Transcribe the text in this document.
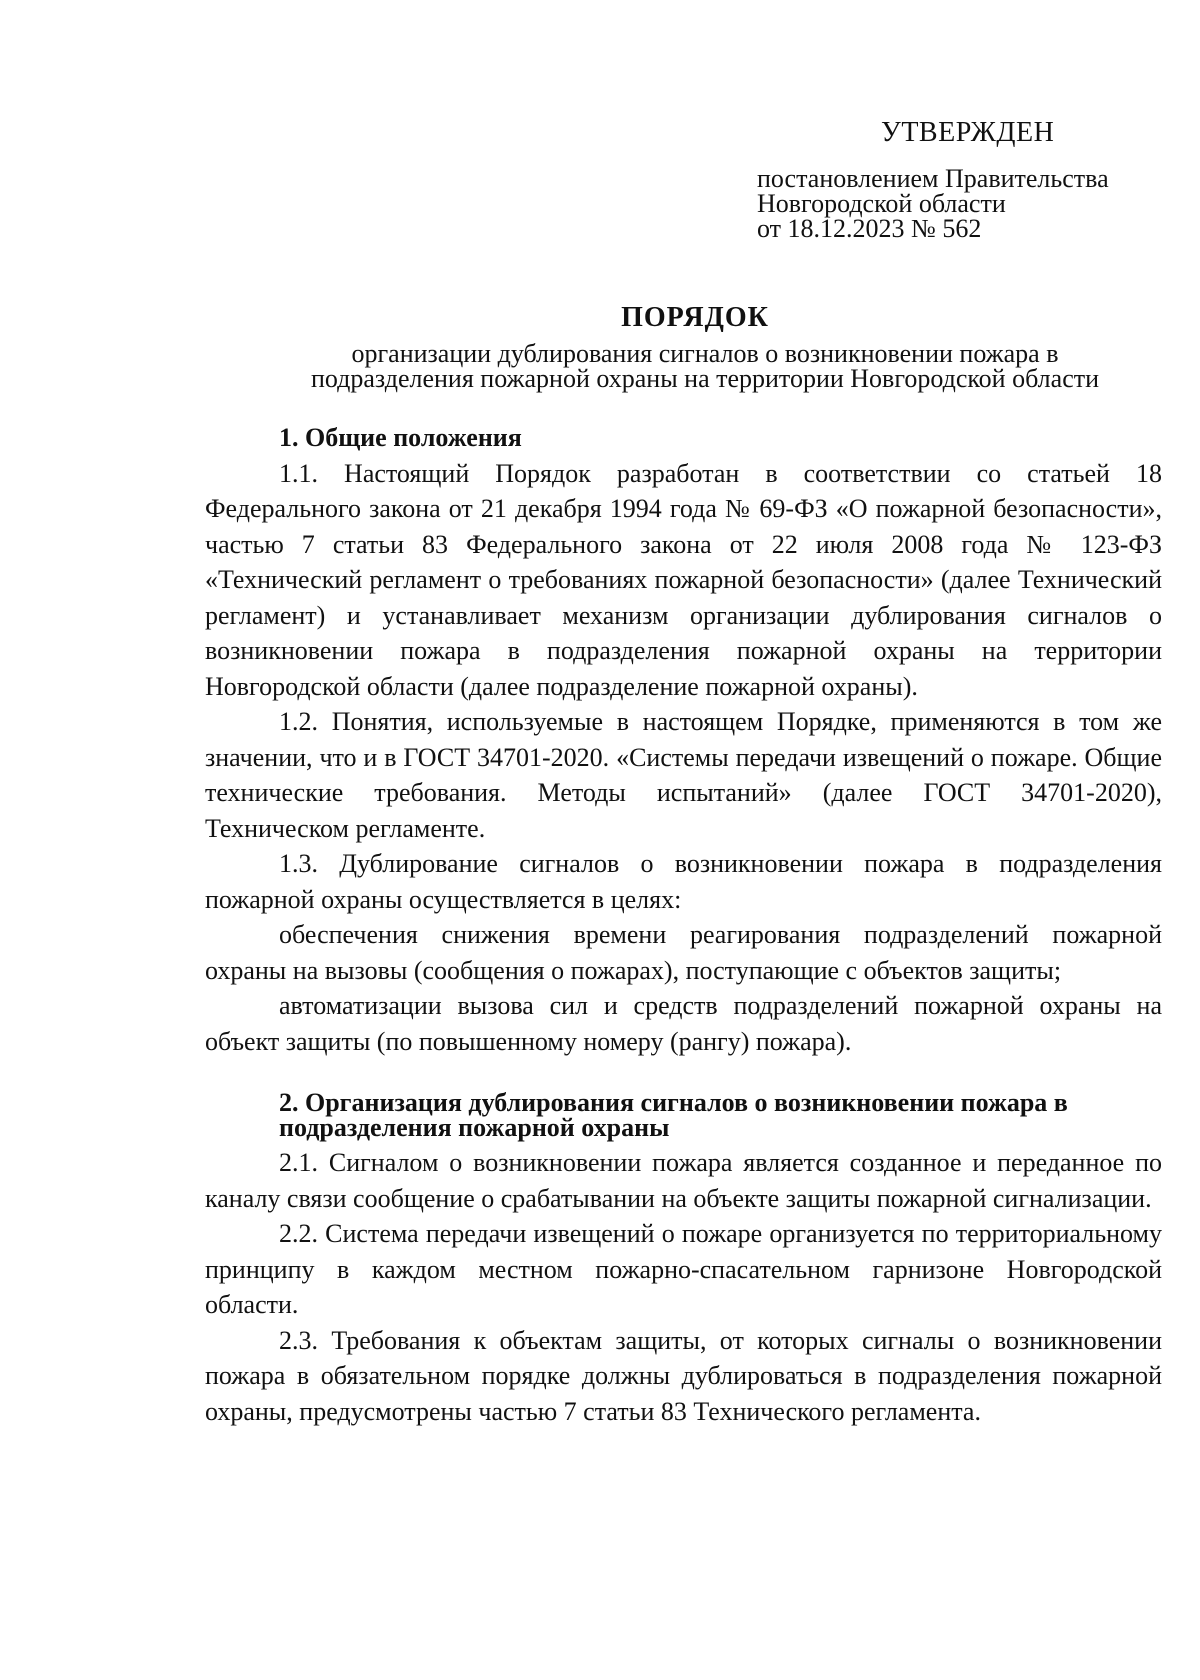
УТВЕРЖДЕН
постановлением Правительства
Новгородской области
от 18.12.2023 № 562
ПОРЯДОК
организации дублирования сигналов о возникновении пожара в
подразделения пожарной охраны на территории Новгородской области
1. Общие положения

1.1. Настоящий Порядок разработан в соответствии со статьей 18 Федерального закона от 21 декабря 1994 года № 69-ФЗ «О пожарной безопасности», частью 7 статьи 83 Федерального закона от 22 июля 2008 года № 123-ФЗ «Технический регламент о требованиях пожарной безопасности» (далее Технический регламент) и устанавливает механизм организации дублирования сигналов о возникновении пожара в подразделения пожарной охраны на территории Новгородской области (далее подразделение пожарной охраны).

1.2. Понятия, используемые в настоящем Порядке, применяются в том же значении, что и в ГОСТ 34701-2020. «Системы передачи извещений о пожаре. Общие технические требования. Методы испытаний» (далее ГОСТ 34701-2020), Техническом регламенте.

1.3. Дублирование сигналов о возникновении пожара в подразделения пожарной охраны осуществляется в целях:

обеспечения снижения времени реагирования подразделений пожарной охраны на вызовы (сообщения о пожарах), поступающие с объектов защиты;

автоматизации вызова сил и средств подразделений пожарной охраны на объект защиты (по повышенному номеру (рангу) пожара).

2. Организация дублирования сигналов о возникновении пожара в
подразделения пожарной охраны

2.1. Сигналом о возникновении пожара является созданное и переданное по каналу связи сообщение о срабатывании на объекте защиты пожарной сигнализации.

2.2. Система передачи извещений о пожаре организуется по территориальному принципу в каждом местном пожарно-спасательном гарнизоне Новгородской области.

2.3. Требования к объектам защиты, от которых сигналы о возникновении пожара в обязательном порядке должны дублироваться в подразделения пожарной охраны, предусмотрены частью 7 статьи 83 Технического регламента.
